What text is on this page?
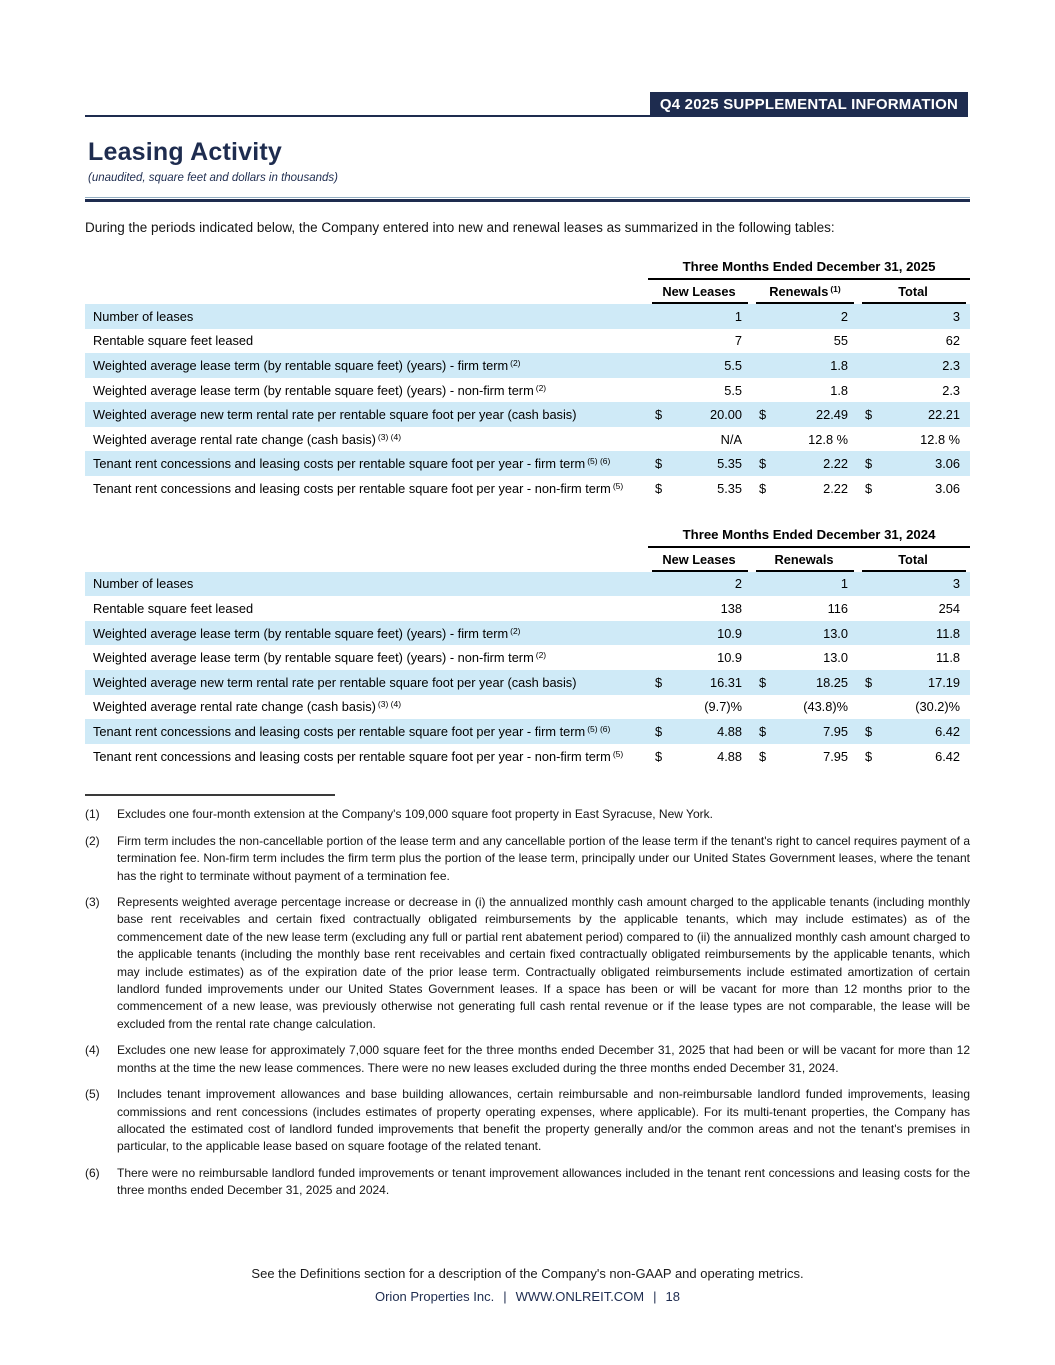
Q4 2025 SUPPLEMENTAL INFORMATION
Leasing Activity
(unaudited, square feet and dollars in thousands)

During the periods indicated below, the Company entered into new and renewal leases as summarized in the following tables:

	Three Months Ended December 31, 2025					

	New Leases		Renewals $^{(1)}$		Total	

Number of leases		1		2		3
Rentable square feet leased		7		55		62
Weighted average lease term (by rentable square feet) (years) - firm term $^{(2)}$		5.5		1.8		2.3
Weighted average lease term (by rentable square feet) (years) - non-firm term $^{(2)}$		5.5		1.8		2.3
Weighted average new term rental rate per rentable square foot per year (cash basis)	$	20.00	$	22.49	$	22.21
Weighted average rental rate change (cash basis) $^{(3) (4)}$		N/A		12.8 %		12.8 %
Tenant rent concessions and leasing costs per rentable square foot per year - firm term $^{(5) (6)}$	$	5.35	$	2.22	$	3.06
Tenant rent concessions and leasing costs per rentable square foot per year - non-firm term $^{(5)}$	$	5.35	$	2.22	$	3.06

	Three Months Ended December 31, 2024					

	New Leases		Renewals		Total	

Number of leases		2		1		3
Rentable square feet leased		138		116		254
Weighted average lease term (by rentable square feet) (years) - firm term $^{(2)}$		10.9		13.0		11.8
Weighted average lease term (by rentable square feet) (years) - non-firm term $^{(2)}$		10.9		13.0		11.8
Weighted average new term rental rate per rentable square foot per year (cash basis)	$	16.31	$	18.25	$	17.19
Weighted average rental rate change (cash basis) $^{(3) (4)}$		(9.7)%		(43.8)%		(30.2)%
Tenant rent concessions and leasing costs per rentable square foot per year - firm term $^{(5) (6)}$	$	4.88	$	7.95	$	6.42
Tenant rent concessions and leasing costs per rentable square foot per year - non-firm term $^{(5)}$	$	4.88	$	7.95	$	6.42
(1)	Excludes one four-month extension at the Company's 109,000 square foot property in East Syracuse, New York.
(2)	Firm term includes the non-cancellable portion of the lease term and any cancellable portion of the lease term if the tenant's right to cancel requires payment of a termination fee. Non-firm term includes the firm term plus the portion of the lease term, principally under our United States Government leases, where the tenant has the right to terminate without payment of a termination fee.
(3)	Represents weighted average percentage increase or decrease in (i) the annualized monthly cash amount charged to the applicable tenants (including monthly base rent receivables and certain fixed contractually obligated reimbursements by the applicable tenants, which may include estimates) as of the commencement date of the new lease term (excluding any full or partial rent abatement period) compared to (ii) the annualized monthly cash amount charged to the applicable tenants (including the monthly base rent receivables and certain fixed contractually obligated reimbursements by the applicable tenants, which may include estimates) as of the expiration date of the prior lease term. Contractually obligated reimbursements include estimated amortization of certain landlord funded improvements under our United States Government leases. If a space has been or will be vacant for more than 12 months prior to the commencement of a new lease, was previously otherwise not generating full cash rental revenue or if the lease types are not comparable, the lease will be excluded from the rental rate change calculation.
(4)	Excludes one new lease for approximately 7,000 square feet for the three months ended December 31, 2025 that had been or will be vacant for more than 12 months at the time the new lease commences. There were no new leases excluded during the three months ended December 31, 2024.
(5)	Includes tenant improvement allowances and base building allowances, certain reimbursable and non-reimbursable landlord funded improvements, leasing commissions and rent concessions (includes estimates of property operating expenses, where applicable). For its multi-tenant properties, the Company has allocated the estimated cost of landlord funded improvements that benefit the property generally and/or the common areas and not the tenant's premises in particular, to the applicable lease based on square footage of the related tenant.
(6)	There were no reimbursable landlord funded improvements or tenant improvement allowances included in the tenant rent concessions and leasing costs for the three months ended December 31, 2025 and 2024.
See the Definitions section for a description of the Company's non-GAAP and operating metrics.
Orion Properties Inc. | WWW.ONLREIT.COM | 18
